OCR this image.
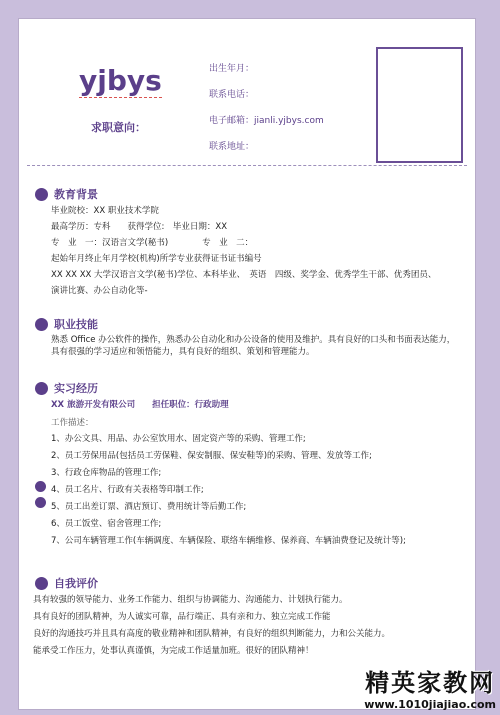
yjbys
求职意向：
出生年月：
联系电话：
电子邮箱：jianli.yjbys.com
联系地址：
教育背景
毕业院校：XX 职业技术学院
最高学历：专科　　获得学位:　毕业日期：XX
专　业　一：汉语言文学(秘书)　　　　专　业　二：
起始年月终止年月学校(机构)所学专业获得证书证书编号
XX XX XX 大学汉语言文学(秘书)学位、本科毕业、　英语　四级、奖学金、优秀学生干部、优秀团员、
演讲比赛、办公自动化等-
职业技能
熟悉 Office 办公软件的操作，熟悉办公自动化和办公设备的使用及维护。具有良好的口头和书面表达能力，具有很强的学习适应和领悟能力，具有良好的组织、策划和管理能力。
实习经历
XX 旅游开发有限公司　　担任职位：行政助理
工作描述：
1、办公文具、用品、办公室饮用水、固定资产等的采购、管理工作;
2、员工劳保用品(包括员工劳保鞋、保安制服、保安鞋等)的采购、管理、发放等工作;
3、行政仓库物品的管理工作;
4、员工名片、行政有关表格等印制工作;
5、员工出差订票、酒店预订、费用统计等后勤工作;
6、员工饭堂、宿舍管理工作;
7、公司车辆管理工作(车辆调度、车辆保险、联络车辆维修、保养商、车辆油费登记及统计等);
自我评价
具有较强的领导能力、业务工作能力、组织与协调能力、沟通能力、计划执行能力。
具有良好的团队精神，为人诚实可靠，品行端正、具有亲和力、独立完成工作能
良好的沟通技巧并且具有高度的敬业精神和团队精神，有良好的组织判断能力，力和公关能力。
能承受工作压力，处事认真谨慎，为完成工作适量加班。很好的团队精神！
精英家教网
www.1010jiajiao.com
